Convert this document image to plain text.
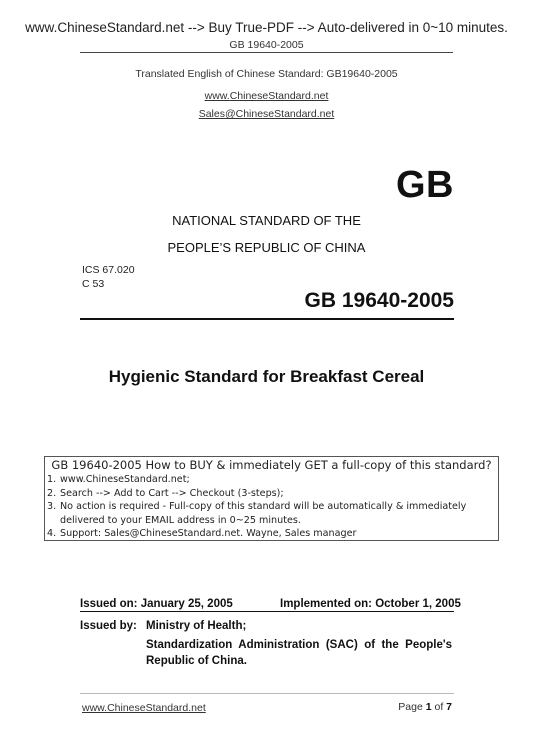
www.ChineseStandard.net --> Buy True-PDF --> Auto-delivered in 0~10 minutes.
GB 19640-2005
Translated English of Chinese Standard: GB19640-2005
www.ChineseStandard.net
Sales@ChineseStandard.net
GB
NATIONAL STANDARD OF THE
PEOPLE’S REPUBLIC OF CHINA
ICS 67.020
C 53
GB 19640-2005
Hygienic Standard for Breakfast Cereal
GB 19640-2005 How to BUY & immediately GET a full-copy of this standard?
1. www.ChineseStandard.net;
2. Search --> Add to Cart --> Checkout (3-steps);
3. No action is required - Full-copy of this standard will be automatically & immediately delivered to your EMAIL address in 0~25 minutes.
4. Support: Sales@ChineseStandard.net. Wayne, Sales manager
Issued on: January 25, 2005	Implemented on: October 1, 2005
Issued by: Ministry of Health;
Standardization Administration (SAC) of the People's Republic of China.
www.ChineseStandard.net	Page 1 of 7
